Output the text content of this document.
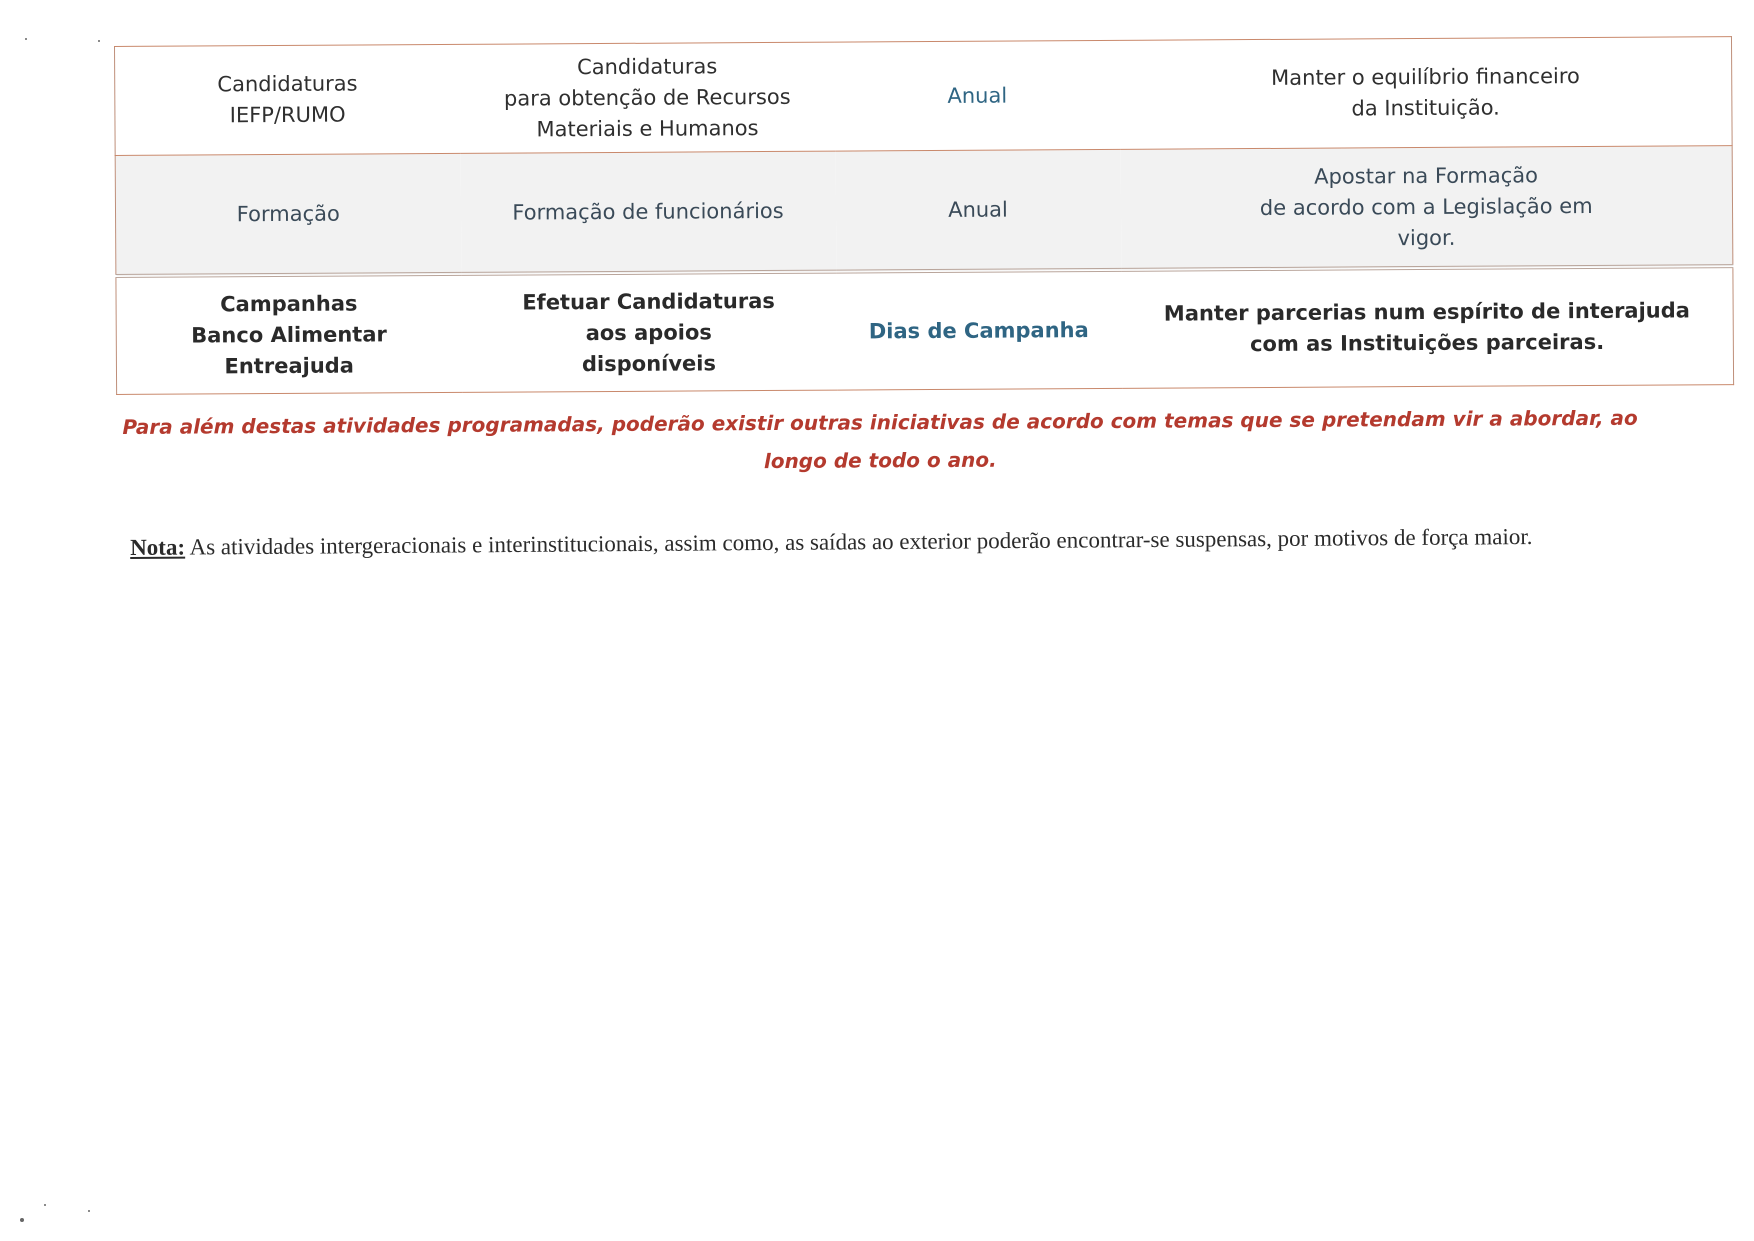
Candidaturas
IEFP/RUMO	Candidaturas
para obtenção de Recursos
Materiais e Humanos	Anual	Manter o equilíbrio financeiro
da Instituição.
Formação	Formação de funcionários	Anual	Apostar na Formação
de acordo com a Legislação em
vigor.
Campanhas
Banco Alimentar
Entreajuda	Efetuar Candidaturas
aos apoios
disponíveis	Dias de Campanha	Manter parcerias num espírito de interajuda
com as Instituições parceiras.
Para além destas atividades programadas, poderão existir outras iniciativas de acordo com temas que se pretendam vir a abordar, ao longo de todo o ano.
Nota: As atividades intergeracionais e interinstitucionais, assim como, as saídas ao exterior poderão encontrar-se suspensas, por motivos de força maior.
